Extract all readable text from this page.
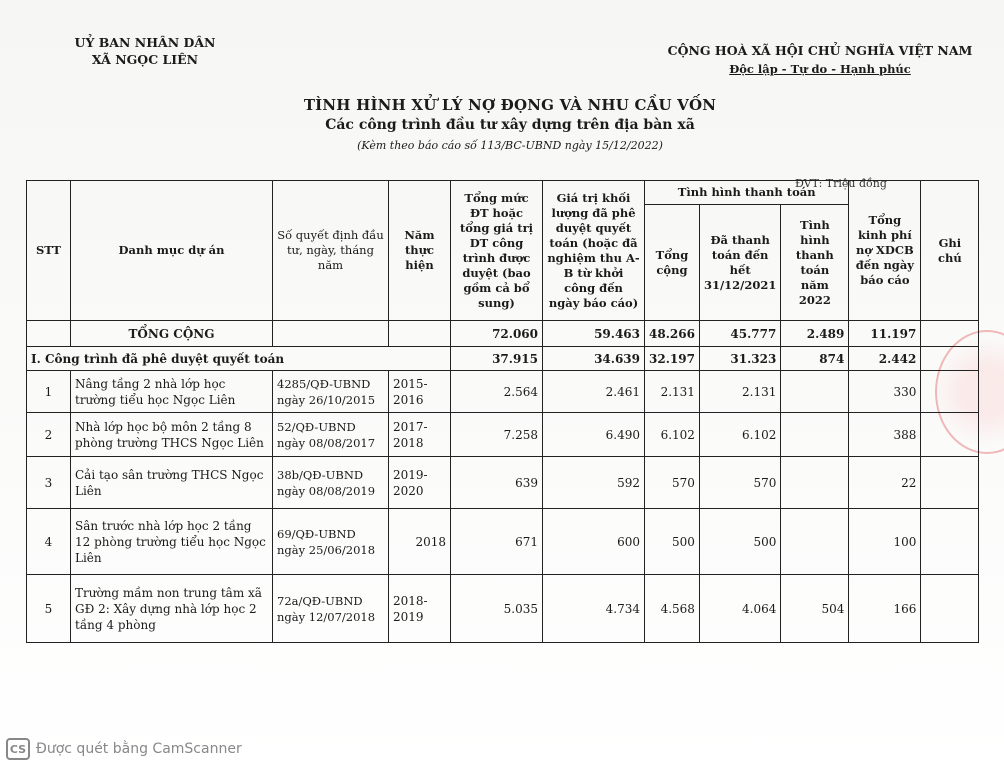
UỶ BAN NHÂN DÂN
XÃ NGỌC LIÊN
CỘNG HOÀ XÃ HỘI CHỦ NGHĨA VIỆT NAM
Độc lập - Tự do - Hạnh phúc
TÌNH HÌNH XỬ LÝ NỢ ĐỌNG VÀ NHU CẦU VỐN
Các công trình đầu tư xây dựng trên địa bàn xã
(Kèm theo báo cáo số 113/BC-UBND ngày 15/12/2022)
ĐVT: Triệu đồng
STT	Danh mục dự án	Số quyết định đầu tư, ngày, tháng năm	Năm thực hiện	Tổng mức ĐT hoặc tổng giá trị DT công trình được duyệt (bao gồm cả bổ sung)	Giá trị khối lượng đã phê duyệt quyết toán (hoặc đã nghiệm thu A-B từ khởi công đến ngày báo cáo)	Tình hình thanh toán			Tổng kinh phí nợ XDCB đến ngày báo cáo	Ghi chú
						Tổng cộng	Đã thanh toán đến hết 31/12/2021	Tình hình thanh toán năm 2022		
	TỔNG CỘNG			72.060	59.463	48.266	45.777	2.489	11.197	
I. Công trình đã phê duyệt quyết toán				37.915	34.639	32.197	31.323	874	2.442	
1	Nâng tầng 2 nhà lớp học trường tiểu học Ngọc Liên	4285/QĐ-UBND ngày 26/10/2015	2015-2016	2.564	2.461	2.131	2.131		330	
2	Nhà lớp học bộ môn 2 tầng 8 phòng trường THCS Ngọc Liên	52/QĐ-UBND ngày 08/08/2017	2017-2018	7.258	6.490	6.102	6.102		388	
3	Cải tạo sân trường THCS Ngọc Liên	38b/QĐ-UBND ngày 08/08/2019	2019-2020	639	592	570	570		22	
4	Sân trước nhà lớp học 2 tầng 12 phòng trường tiểu học Ngọc Liên	69/QĐ-UBND ngày 25/06/2018	2018	671	600	500	500		100	
5	Trường mầm non trung tâm xã GĐ 2: Xây dựng nhà lớp học 2 tầng 4 phòng	72a/QĐ-UBND ngày 12/07/2018	2018-2019	5.035	4.734	4.568	4.064	504	166	
CS Được quét bằng CamScanner
